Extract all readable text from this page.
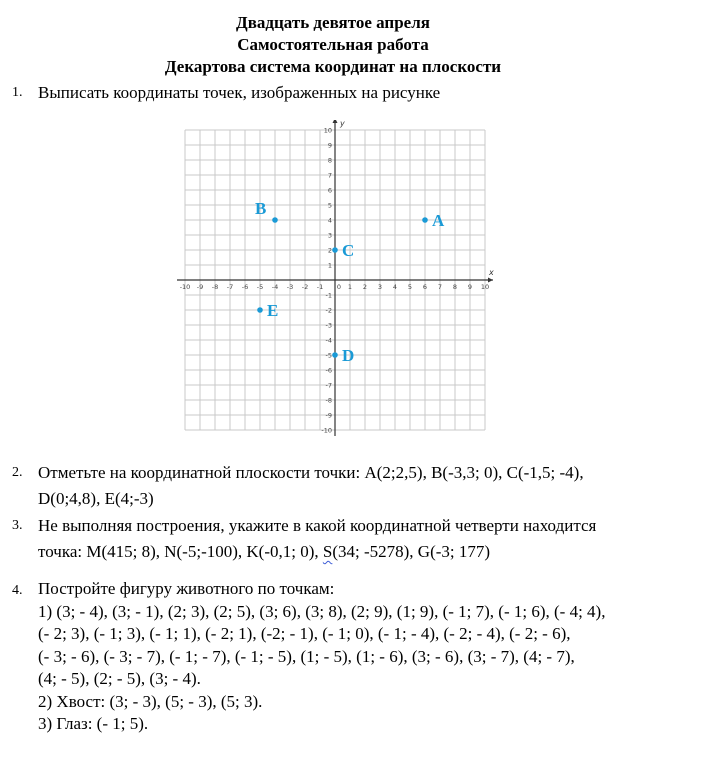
Двадцать девятое апреля
Самостоятельная работа
Декартова система координат на плоскости
1. Выписать координаты точек, изображенных на рисунке
x
y
-10 -9 -8 -7 -6 -5 -4 -3 -2 -1 0 1 2 3 4 5 6 7 8 9 10
10
9
8
7
6
5
4
3
2
1
-1
-2
-3
-4
-5
-6
-7
-8
-9
-10
A
B
C
D
E
2. Отметьте на координатной плоскости точки: A(2;2,5), B(-3,3; 0), C(-1,5; -4),
D(0;4,8), E(4;-3)
3. Не выполняя построения, укажите в какой координатной четверти находится
точка: M(415; 8), N(-5;-100), K(-0,1; 0), S(34; -5278), G(-3; 177)
4. Постройте фигуру животного по точкам:
1) (3; - 4), (3; - 1), (2; 3), (2; 5), (3; 6), (3; 8), (2; 9), (1; 9), (- 1; 7), (- 1; 6), (- 4; 4),
(- 2; 3), (- 1; 3), (- 1; 1), (- 2; 1), (-2; - 1), (- 1; 0), (- 1; - 4), (- 2; - 4), (- 2; - 6),
(- 3; - 6), (- 3; - 7), (- 1; - 7), (- 1; - 5), (1; - 5), (1; - 6), (3; - 6), (3; - 7), (4; - 7),
(4; - 5), (2; - 5), (3; - 4).
2) Хвост: (3; - 3), (5; - 3), (5; 3).
3) Глаз: (- 1; 5).
